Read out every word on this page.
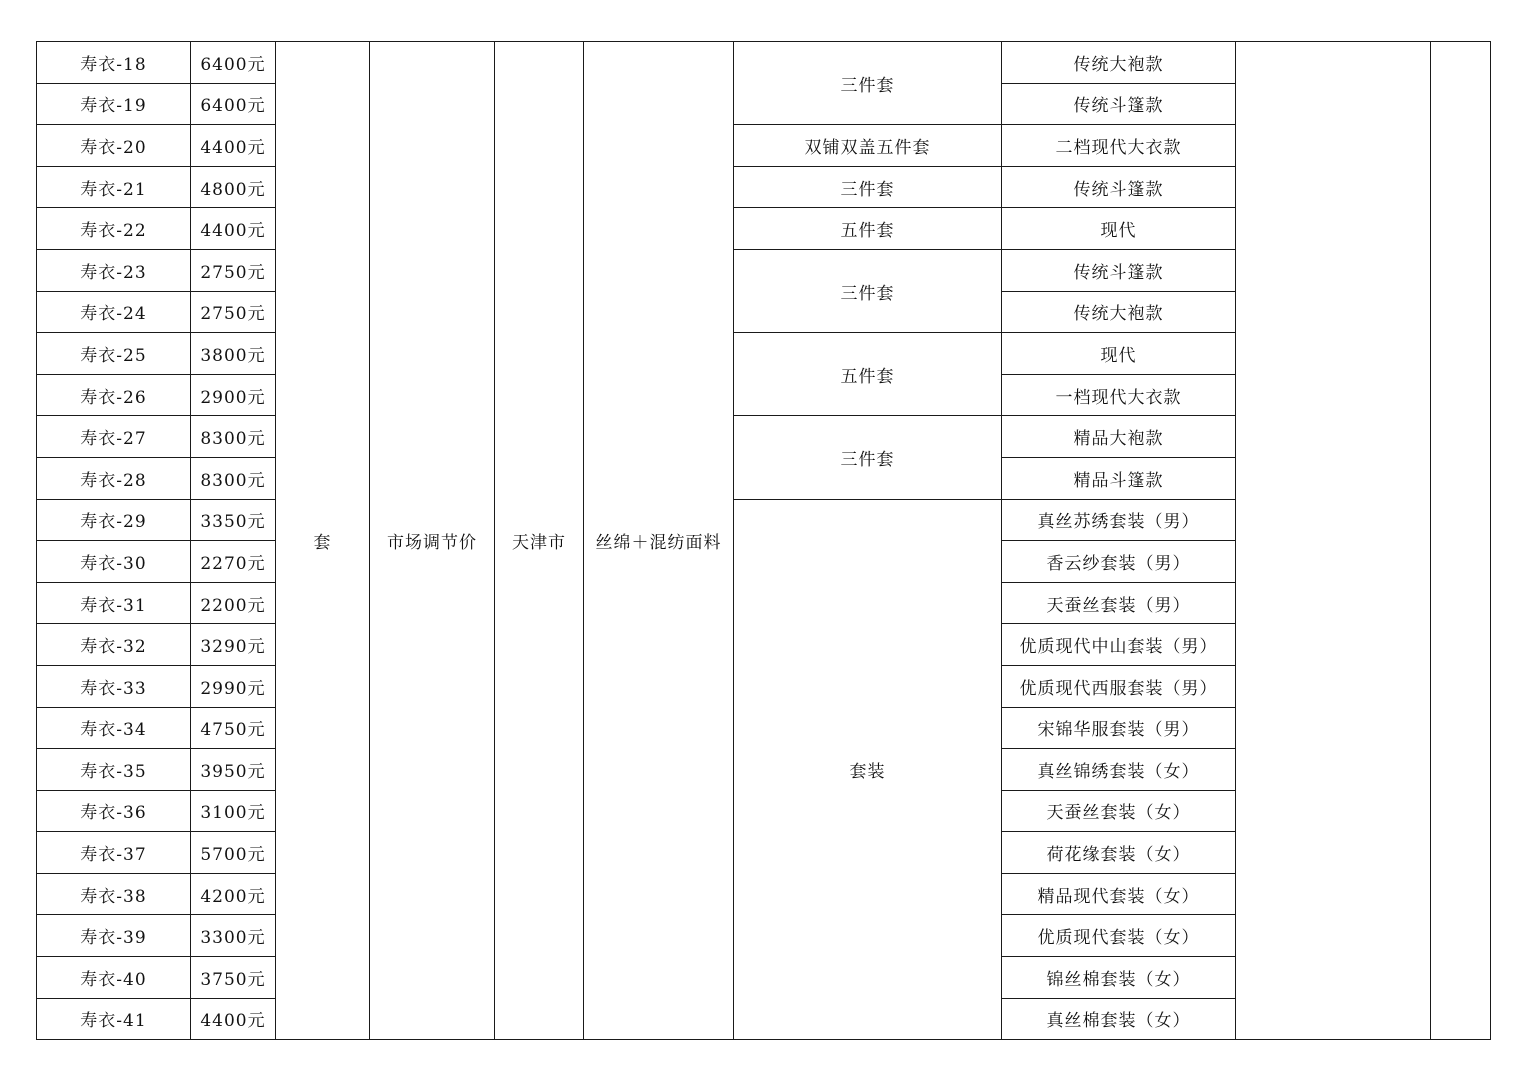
寿衣-18	6400元	套	市场调节价	天津市	丝绵＋混纺面料	三件套	传统大袍款		
寿衣-19	6400元						传统斗篷款		
寿衣-20	4400元					双铺双盖五件套	二档现代大衣款		
寿衣-21	4800元					三件套	传统斗篷款		
寿衣-22	4400元					五件套	现代		
寿衣-23	2750元					三件套	传统斗篷款		
寿衣-24	2750元						传统大袍款		
寿衣-25	3800元					五件套	现代		
寿衣-26	2900元						一档现代大衣款		
寿衣-27	8300元					三件套	精品大袍款		
寿衣-28	8300元						精品斗篷款		
寿衣-29	3350元					套装	真丝苏绣套装（男）		
寿衣-30	2270元						香云纱套装（男）		
寿衣-31	2200元						天蚕丝套装（男）		
寿衣-32	3290元						优质现代中山套装（男）		
寿衣-33	2990元						优质现代西服套装（男）		
寿衣-34	4750元						宋锦华服套装（男）		
寿衣-35	3950元						真丝锦绣套装（女）		
寿衣-36	3100元						天蚕丝套装（女）		
寿衣-37	5700元						荷花缘套装（女）		
寿衣-38	4200元						精品现代套装（女）		
寿衣-39	3300元						优质现代套装（女）		
寿衣-40	3750元						锦丝棉套装（女）		
寿衣-41	4400元						真丝棉套装（女）		
